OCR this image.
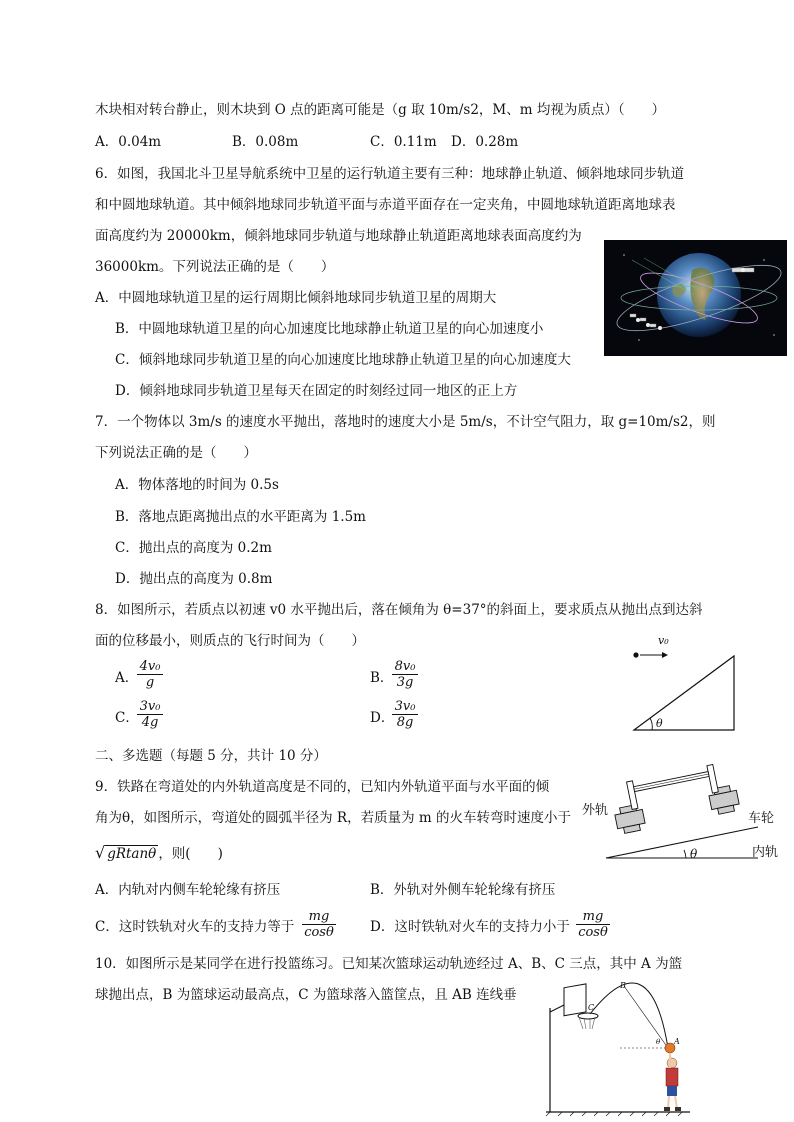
木块相对转台静止，则木块到 O 点的距离可能是（g 取 10m/s2，M、m 均视为质点）（　　）
A．0.04m	B．0.08m	C．0.11m D．0.28m
6．如图，我国北斗卫星导航系统中卫星的运行轨道主要有三种：地球静止轨道、倾斜地球同步轨道
和中圆地球轨道。其中倾斜地球同步轨道平面与赤道平面存在一定夹角，中圆地球轨道距离地球表
面高度约为 20000km，倾斜地球同步轨道与地球静止轨道距离地球表面高度约为
36000km。下列说法正确的是（　　）
A．中圆地球轨道卫星的运行周期比倾斜地球同步轨道卫星的周期大
B．中圆地球轨道卫星的向心加速度比地球静止轨道卫星的向心加速度小
C．倾斜地球同步轨道卫星的向心加速度比地球静止轨道卫星的向心加速度大
D．倾斜地球同步轨道卫星每天在固定的时刻经过同一地区的正上方
7．一个物体以 3m/s 的速度水平抛出，落地时的速度大小是 5m/s，不计空气阻力，取 g=10m/s2，则
下列说法正确的是（　　）
A．物体落地的时间为 0.5s
B．落地点距离抛出点的水平距离为 1.5m
C．抛出点的高度为 0.2m
D．抛出点的高度为 0.8m
8．如图所示，若质点以初速 v0 水平抛出后，落在倾角为 θ=37°的斜面上，要求质点从抛出点到达斜
面的位移最小，则质点的飞行时间为（　　）
A．
$\frac{\text{4v₀}}{g}$	B．
$\frac{\text{8v₀}}{3g}$
C．
$\frac{\text{3v₀}}{4g}$	D．
$\frac{\text{3v₀}}{8g}$
v₀
θ
二、多选题（每题 5 分，共计 10 分）
9．铁路在弯道处的内外轨道高度是不同的，已知内外轨道平面与水平面的倾
角为θ，如图所示，弯道处的圆弧半径为 R，若质量为 m 的火车转弯时速度小于
√ gRtanθ ，则(　　)
A．内轨对内侧车轮轮缘有挤压	B．外轨对外侧车轮轮缘有挤压
C．这时铁轨对火车的支持力等于 $\frac{mg}{\cos\theta}$	D．这时铁轨对火车的支持力小于 $\frac{mg}{\cos\theta}$
外轨
车轮
内轨
θ
10．如图所示是某同学在进行投篮练习。已知某次篮球运动轨迹经过 A、B、C 三点，其中 A 为篮
球抛出点，B 为篮球运动最高点，C 为篮球落入篮筐点，且 AB 连线垂
A
B
C
θ
